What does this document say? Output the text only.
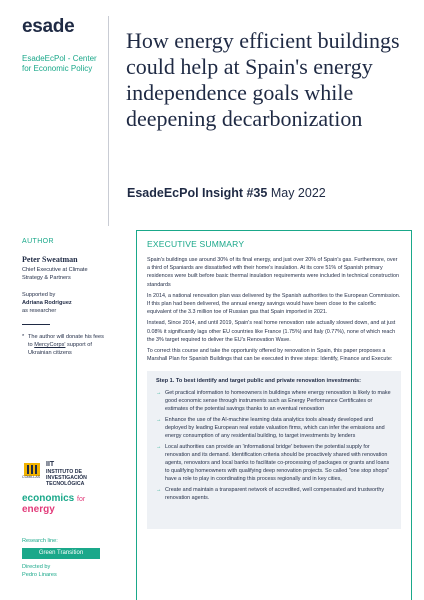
esade
EsadeEcPol - Center for Economic Policy
AUTHOR
Peter Sweatman
Chief Executive at Climate Strategy & Partners
Supported by
Adriana Rodriguez
as researcher
* The author will donate his fees to MercyCorps' support of Ukrainian citizens
COMILLAS
IIT
INSTITUTO DE
INVESTIGACIÓN
TECNOLÓGICA
economics for
energy
Research line:
Green Transition
Directed by
Pedro Linares
How energy efficient buildings could help at Spain's energy independence goals while deepening decarbonization
EsadeEcPol Insight #35 May 2022
EXECUTIVE SUMMARY

Spain's buildings use around 30% of its final energy, and just over 20% of Spain's gas. Furthermore, over a third of Spaniards are dissatisfied with their home's insulation. At its core 51% of Spanish primary residences were built before basic thermal insulation requirements were included in technical construction standards

In 2014, a national renovation plan was delivered by the Spanish authorities to the European Commission. If this plan had been delivered, the annual energy savings would have been close to the calorific equivalent of the 3.3 million toe of Russian gas that Spain imported in 2021.

Instead, Since 2014, and until 2019, Spain's real home renovation rate actually slowed down, and at just 0.08% it significantly lags other EU countries like France (1.75%) and Italy (0.77%), none of which reach the 3% target required to deliver the EU's Renovation Wave.

To correct this course and take the opportunity offered by renovation in Spain, this paper proposes a Marshall Plan for Spanish Buildings that can be executed in three steps: Identify, Finance and Execute:

Step 1. To best identify and target public and private renovation investments:
→ Get practical information to homeowners in buildings where energy renovation is likely to make good economic sense through instruments such as Energy Performance Certificates or estimates of the potential savings thanks to an eventual renovation
→ Enhance the use of the AI-machine learning data analytics tools already developed and deployed by leading European real estate valuation firms, which can infer the emissions and energy consumption of any residential building, to target investments by lenders
→ Local authorities can provide an 'informational bridge' between the potential supply for renovation and its demand. Identification criteria should be proactively shared with renovation agents, renovators and local banks to facilitate co-processing of packages or grants and loans to qualifying homeowners with qualifying deep renovation projects. So called "one stop shops" have a role to play in coordinating this process regionally and in key cities,
→ Create and maintain a transparent network of accredited, well compensated and trustworthy renovation agents.
